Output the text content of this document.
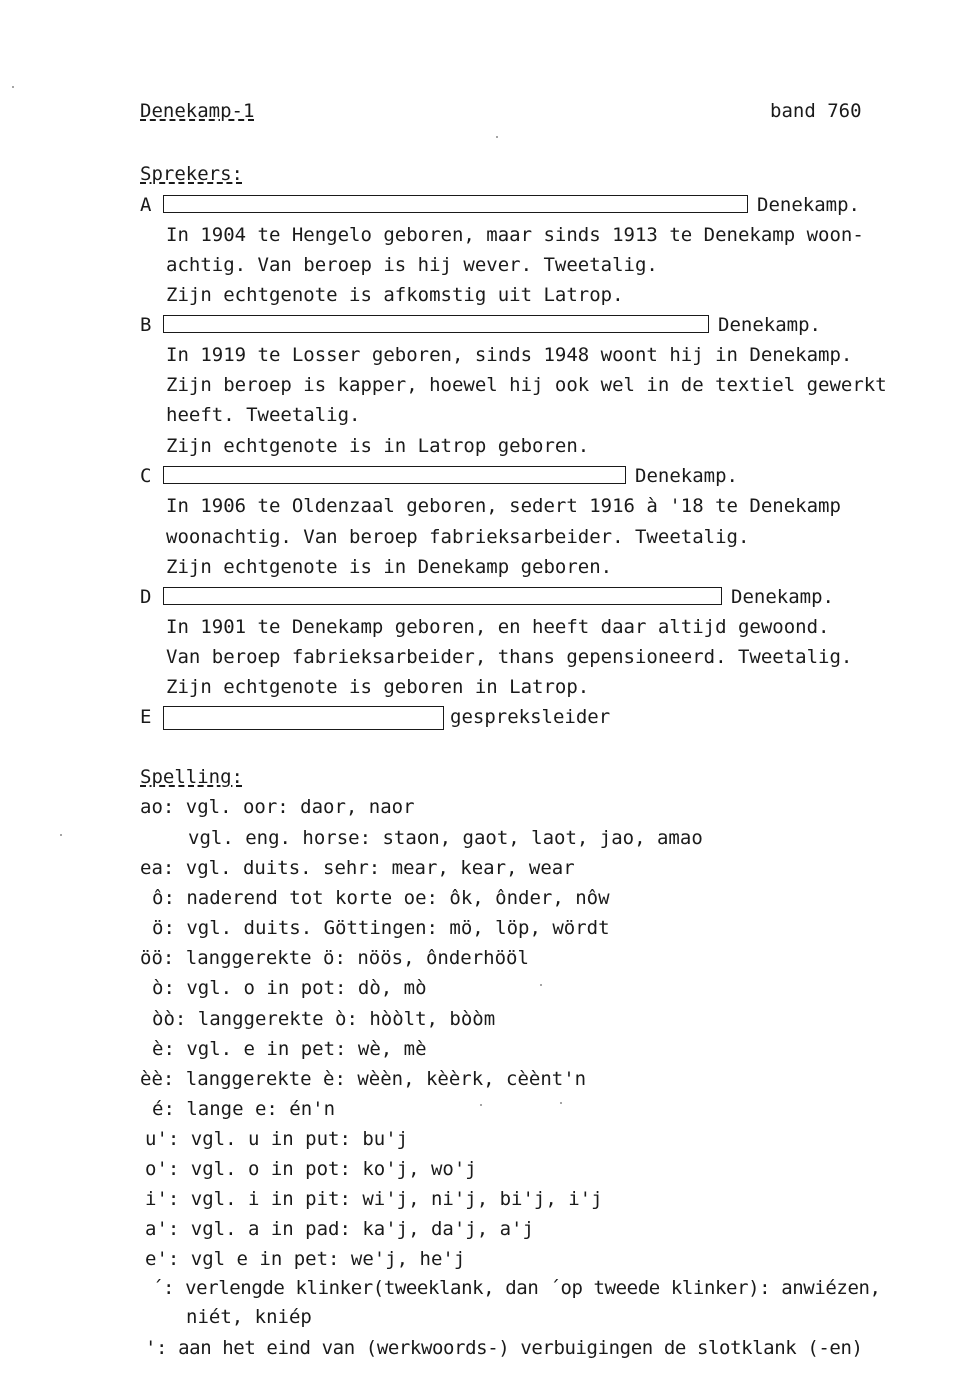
Denekamp-1	band 760
Sprekers:
A	Denekamp.
In 1904 te Hengelo geboren, maar sinds 1913 te Denekamp woon-
achtig. Van beroep is hij wever. Tweetalig.
Zijn echtgenote is afkomstig uit Latrop.
B	Denekamp.
In 1919 te Losser geboren, sinds 1948 woont hij in Denekamp.
Zijn beroep is kapper, hoewel hij ook wel in de textiel gewerkt
heeft. Tweetalig.
Zijn echtgenote is in Latrop geboren.
C	Denekamp.
In 1906 te Oldenzaal geboren, sedert 1916 à '18 te Denekamp
woonachtig. Van beroep fabrieksarbeider. Tweetalig.
Zijn echtgenote is in Denekamp geboren.
D	Denekamp.
In 1901 te Denekamp geboren, en heeft daar altijd gewoond.
Van beroep fabrieksarbeider, thans gepensioneerd. Tweetalig.
Zijn echtgenote is geboren in Latrop.
E	gespreksleider
Spelling:
ao: vgl. oor: daor, naor
vgl. eng. horse: staon, gaot, laot, jao, amao
ea: vgl. duits. sehr: mear, kear, wear
ô: naderend tot korte oe: ôk, ônder, nôw
ö: vgl. duits. Göttingen: mö, löp, wördt
öö: langgerekte ö: nöös, ônderhööl
ò: vgl. o in pot: dò, mò
òò: langgerekte ò: hòòlt, bòòm
è: vgl. e in pet: wè, mè
èè: langgerekte è: wèèn, kèèrk, cèènt'n
é: lange e: én'n
u': vgl. u in put: bu'j
o': vgl. o in pot: ko'j, wo'j
i': vgl. i in pit: wi'j, ni'j, bi'j, i'j
a': vgl. a in pad: ka'j, da'j, a'j
e': vgl e in pet: we'j, he'j
´: verlengde klinker(tweeklank, dan ´op tweede klinker): anwiézen,
niét, kniép
': aan het eind van (werkwoords-) verbuigingen de slotklank (-en)
